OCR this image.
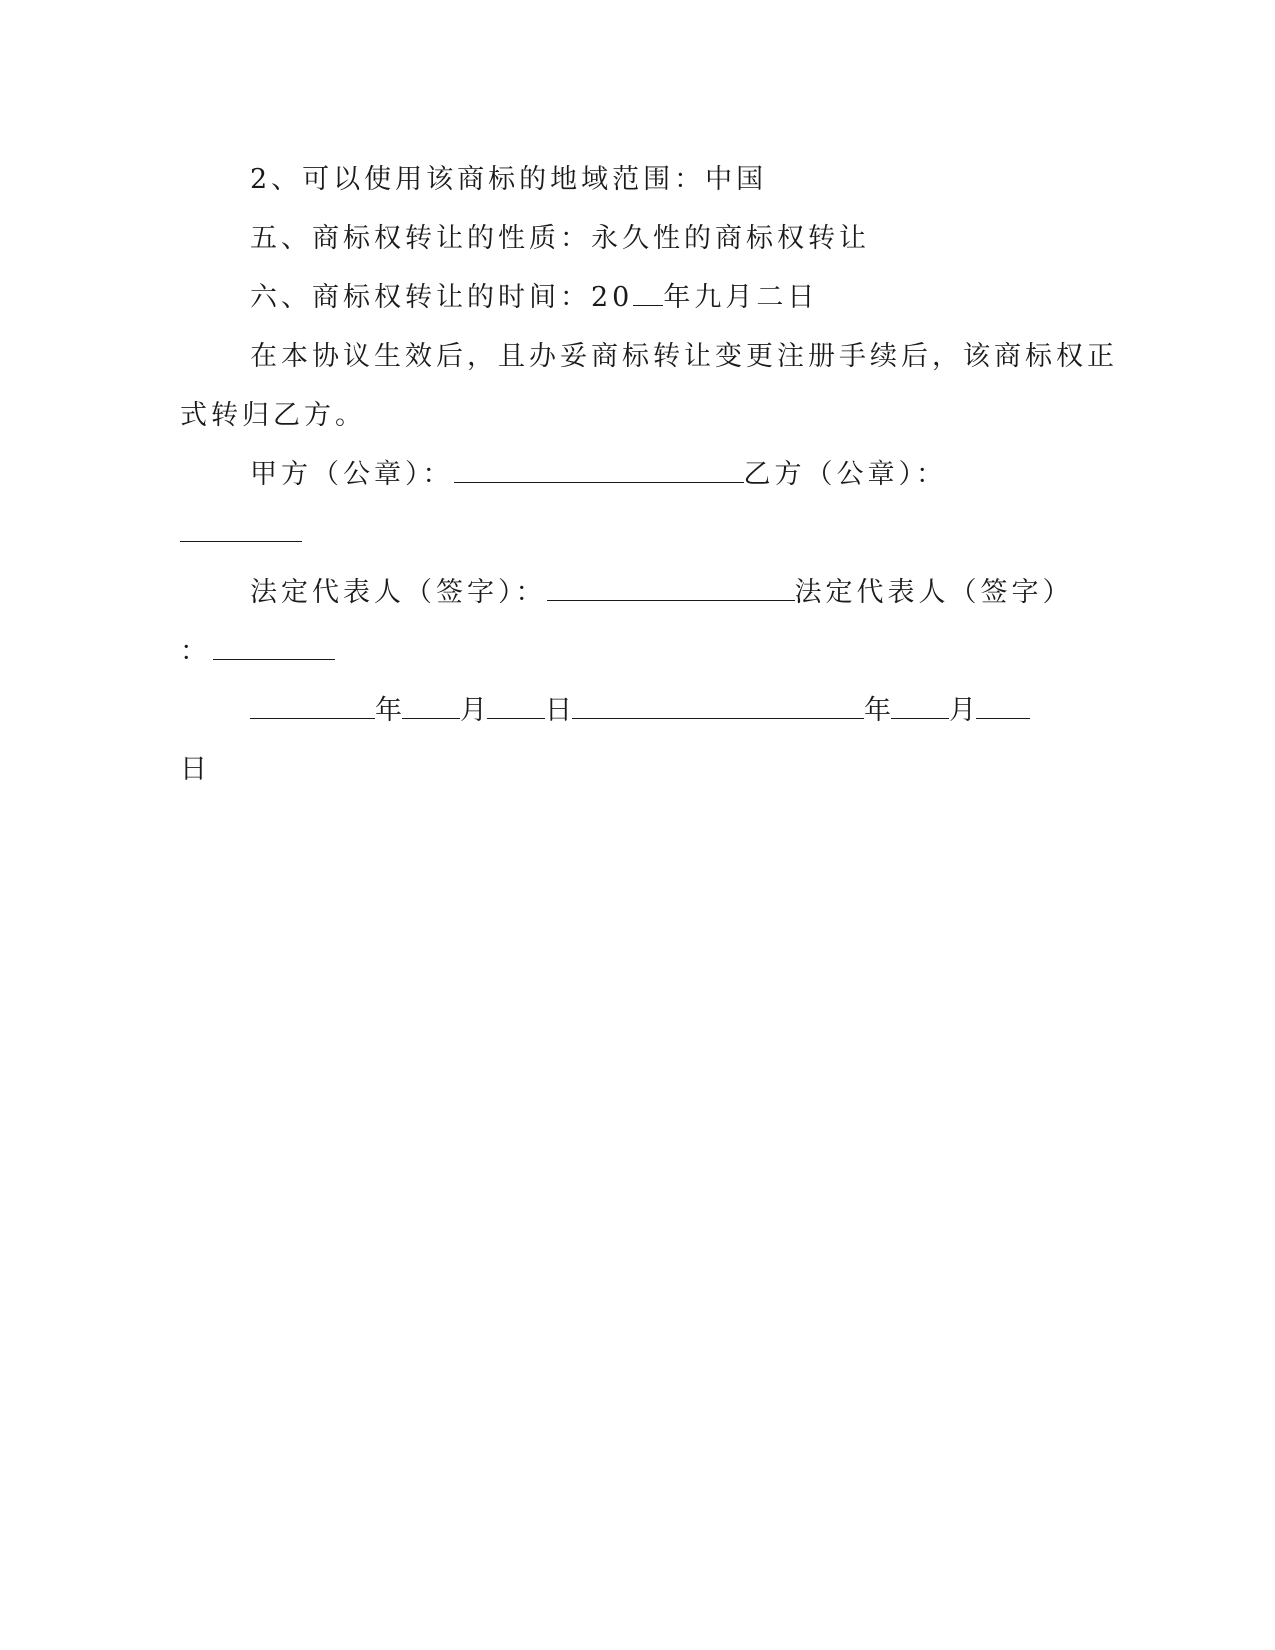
2、可以使用该商标的地域范围：中国
五、商标权转让的性质：永久性的商标权转让
六、商标权转让的时间：20 年九月二日
在本协议生效后，且办妥商标转让变更注册手续后，该商标权正
式转归乙方。
甲方（公章）：	乙方（公章）：
法定代表人（签字）：	法定代表人（签字）
：
年 月 日	年 月
日
